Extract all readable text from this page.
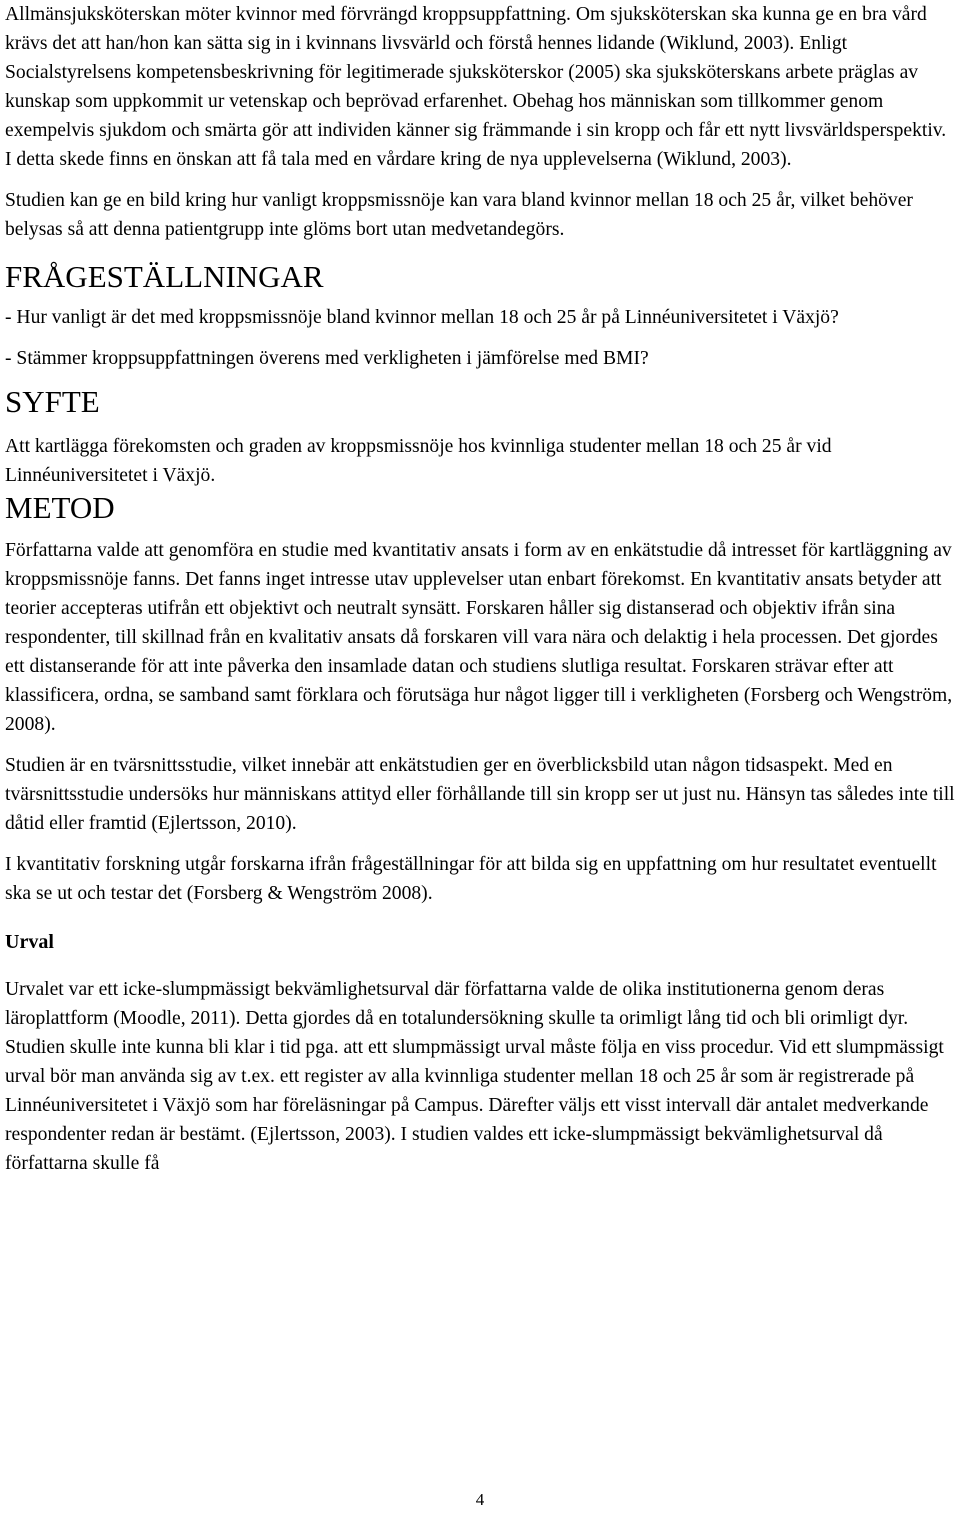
Allmänsjuksköterskan möter kvinnor med förvrängd kroppsuppfattning. Om sjuksköterskan ska kunna ge en bra vård krävs det att han/hon kan sätta sig in i kvinnans livsvärld och förstå hennes lidande (Wiklund, 2003). Enligt Socialstyrelsens kompetensbeskrivning för legitimerade sjuksköterskor (2005) ska sjuksköterskans arbete präglas av kunskap som uppkommit ur vetenskap och beprövad erfarenhet. Obehag hos människan som tillkommer genom exempelvis sjukdom och smärta gör att individen känner sig främmande i sin kropp och får ett nytt livsvärldsperspektiv. I detta skede finns en önskan att få tala med en vårdare kring de nya upplevelserna (Wiklund, 2003).

Studien kan ge en bild kring hur vanligt kroppsmissnöje kan vara bland kvinnor mellan 18 och 25 år, vilket behöver belysas så att denna patientgrupp inte glöms bort utan medvetandegörs.

FRÅGESTÄLLNINGAR

- Hur vanligt är det med kroppsmissnöje bland kvinnor mellan 18 och 25 år på Linnéuniversitetet i Växjö?

- Stämmer kroppsuppfattningen överens med verkligheten i jämförelse med BMI?

SYFTE

Att kartlägga förekomsten och graden av kroppsmissnöje hos kvinnliga studenter mellan 18 och 25 år vid Linnéuniversitetet i Växjö.

METOD

Författarna valde att genomföra en studie med kvantitativ ansats i form av en enkätstudie då intresset för kartläggning av kroppsmissnöje fanns. Det fanns inget intresse utav upplevelser utan enbart förekomst. En kvantitativ ansats betyder att teorier accepteras utifrån ett objektivt och neutralt synsätt. Forskaren håller sig distanserad och objektiv ifrån sina respondenter, till skillnad från en kvalitativ ansats då forskaren vill vara nära och delaktig i hela processen. Det gjordes ett distanserande för att inte påverka den insamlade datan och studiens slutliga resultat. Forskaren strävar efter att klassificera, ordna, se samband samt förklara och förutsäga hur något ligger till i verkligheten (Forsberg och Wengström, 2008).

Studien är en tvärsnittsstudie, vilket innebär att enkätstudien ger en överblicksbild utan någon tidsaspekt. Med en tvärsnittsstudie undersöks hur människans attityd eller förhållande till sin kropp ser ut just nu. Hänsyn tas således inte till dåtid eller framtid (Ejlertsson, 2010).

I kvantitativ forskning utgår forskarna ifrån frågeställningar för att bilda sig en uppfattning om hur resultatet eventuellt ska se ut och testar det (Forsberg & Wengström 2008).

Urval

Urvalet var ett icke-slumpmässigt bekvämlighetsurval där författarna valde de olika institutionerna genom deras läroplattform (Moodle, 2011). Detta gjordes då en totalundersökning skulle ta orimligt lång tid och bli orimligt dyr. Studien skulle inte kunna bli klar i tid pga. att ett slumpmässigt urval måste följa en viss procedur. Vid ett slumpmässigt urval bör man använda sig av t.ex. ett register av alla kvinnliga studenter mellan 18 och 25 år som är registrerade på Linnéuniversitetet i Växjö som har föreläsningar på Campus. Därefter väljs ett visst intervall där antalet medverkande respondenter redan är bestämt. (Ejlertsson, 2003). I studien valdes ett icke-slumpmässigt bekvämlighetsurval då författarna skulle få

4
